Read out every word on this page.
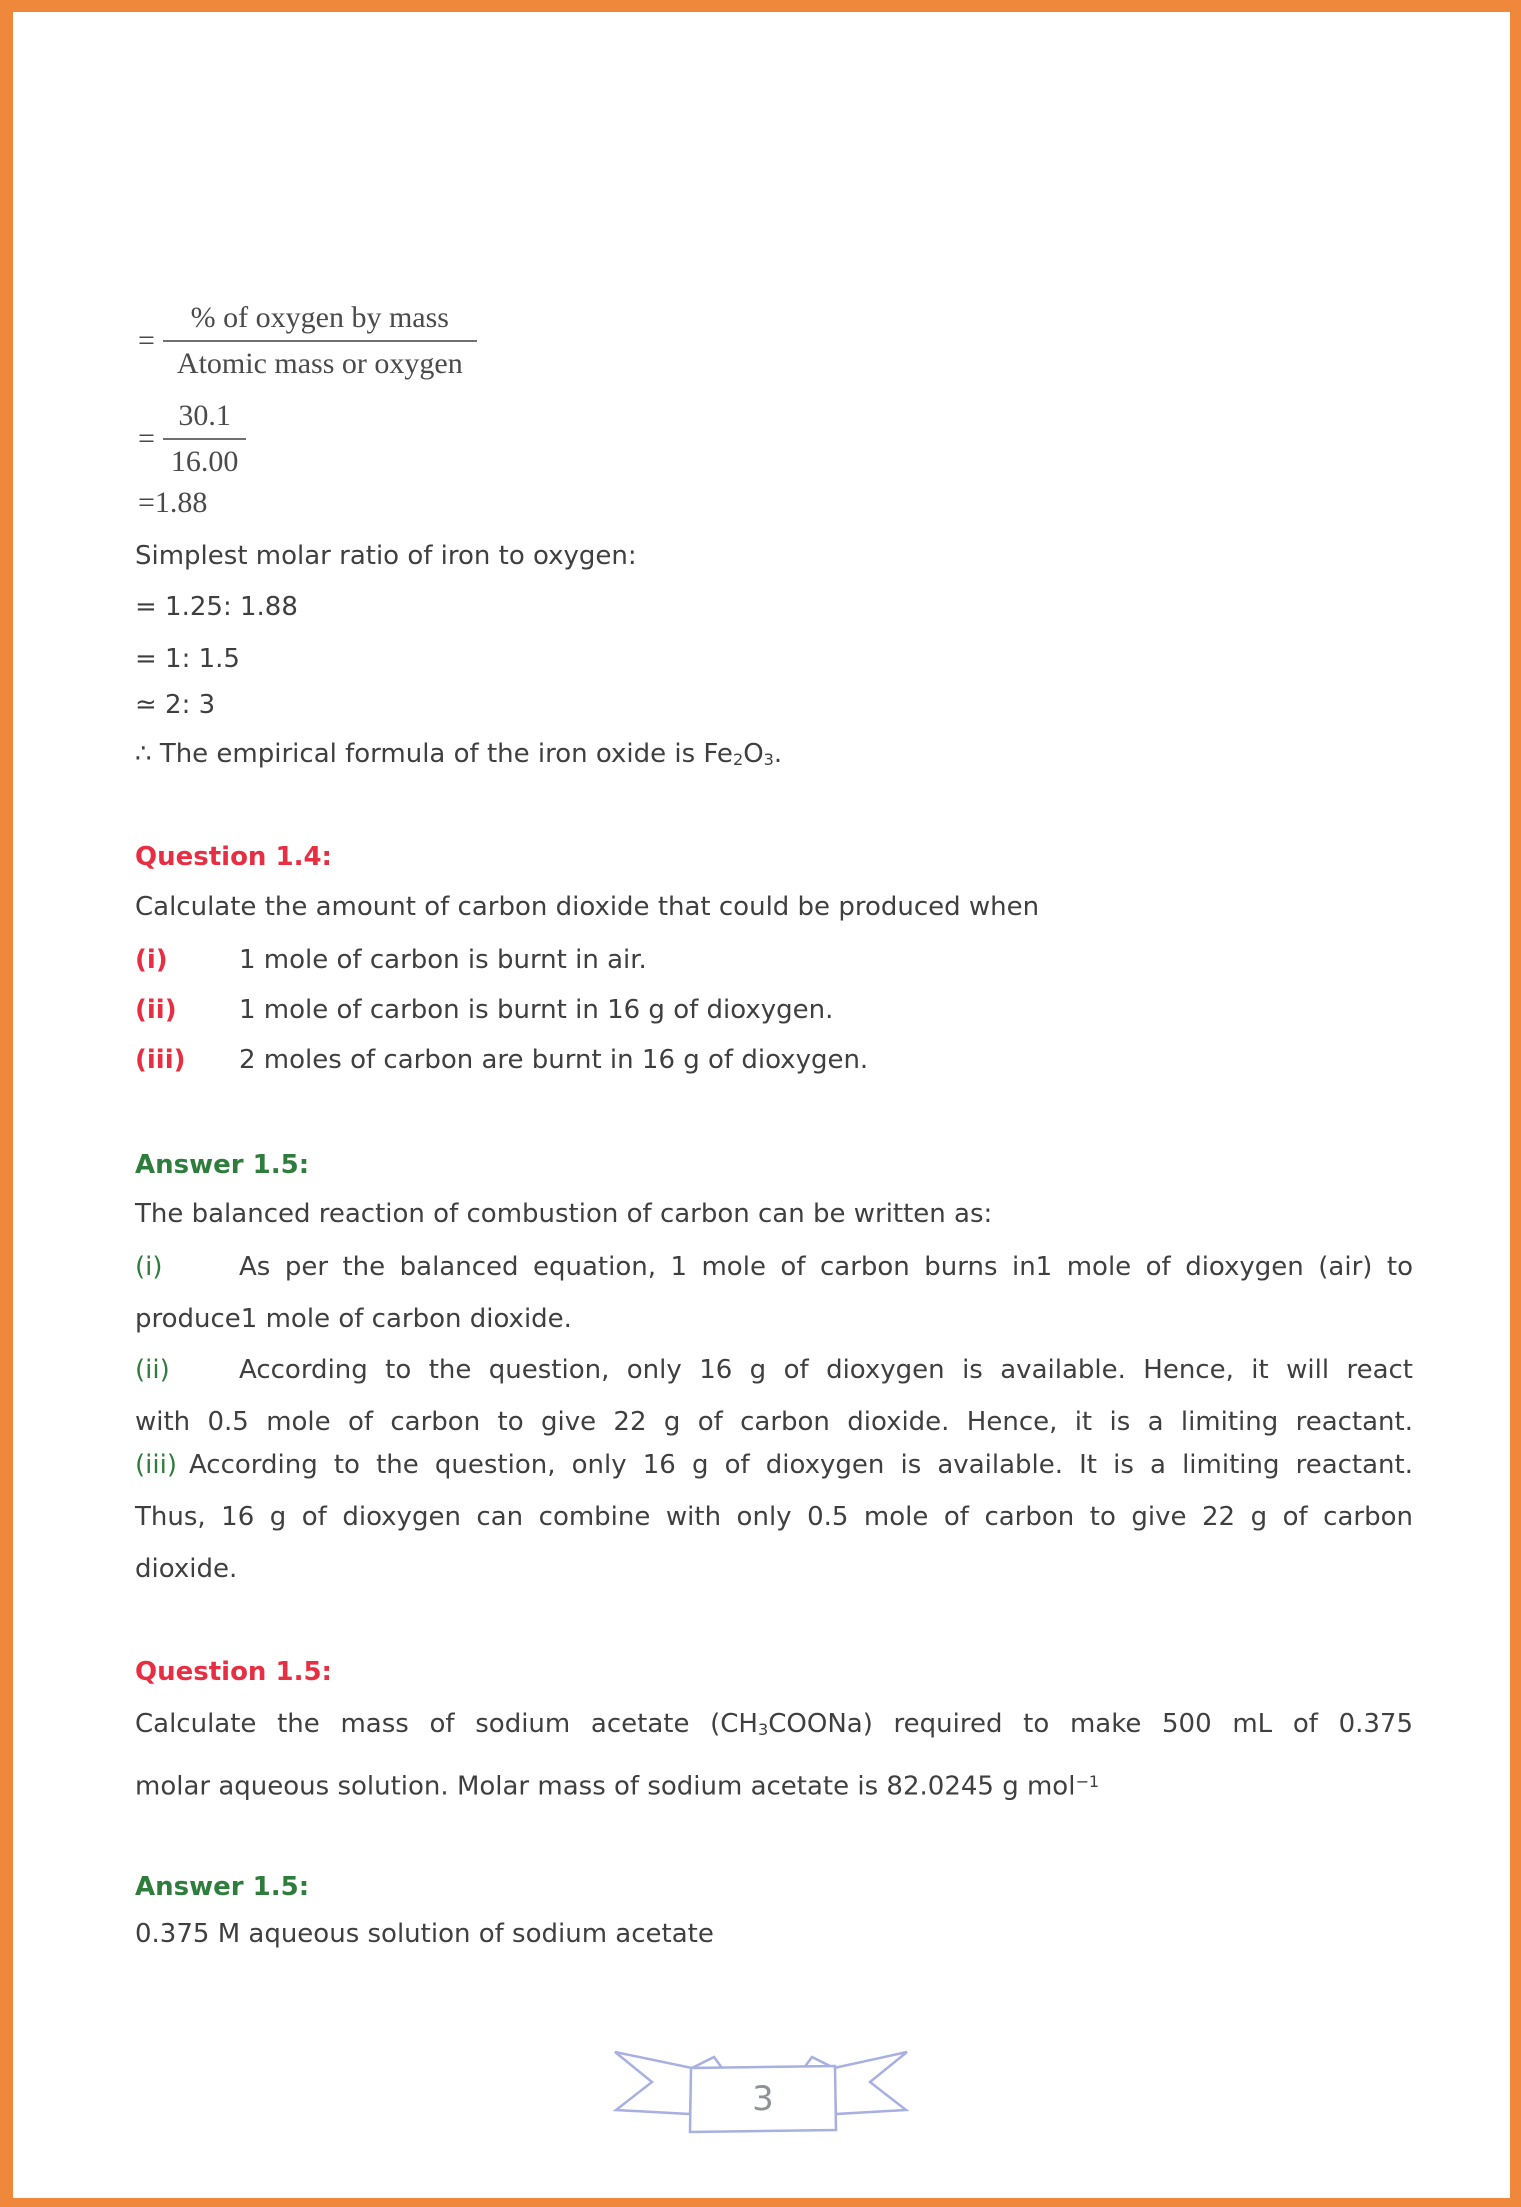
= $\frac{\text{\% of oxygen by mass}}{\text{Atomic mass or oxygen}}$
= $\frac{30.1}{16.00}$
=1.88
Simplest molar ratio of iron to oxygen:
= 1.25: 1.88
= 1: 1.5
≃ 2: 3
∴ The empirical formula of the iron oxide is $Fe_2O_3$.
Question 1.4:
Calculate the amount of carbon dioxide that could be produced when
(i)	1 mole of carbon is burnt in air.
(ii) 1 mole of carbon is burnt in 16 g of dioxygen.
(iii) 2 moles of carbon are burnt in 16 g of dioxygen.
Answer 1.5:
The balanced reaction of combustion of carbon can be written as:
(i)	As per the balanced equation, 1 mole of carbon burns in1 mole of dioxygen (air) to
produce1 mole of carbon dioxide.
(ii)	According to the question, only 16 g of dioxygen is available. Hence, it will react
with 0.5 mole of carbon to give 22 g of carbon dioxide. Hence, it is a limiting reactant.
(iii) According to the question, only 16 g of dioxygen is available. It is a limiting reactant.
Thus, 16 g of dioxygen can combine with only 0.5 mole of carbon to give 22 g of carbon
dioxide.
Question 1.5:
Calculate the mass of sodium acetate $(CH_3COONa)$ required to make 500 mL of 0.375
molar aqueous solution. Molar mass of sodium acetate is 82.0245 g mol$^{-1}$
Answer 1.5:
0.375 M aqueous solution of sodium acetate
3
